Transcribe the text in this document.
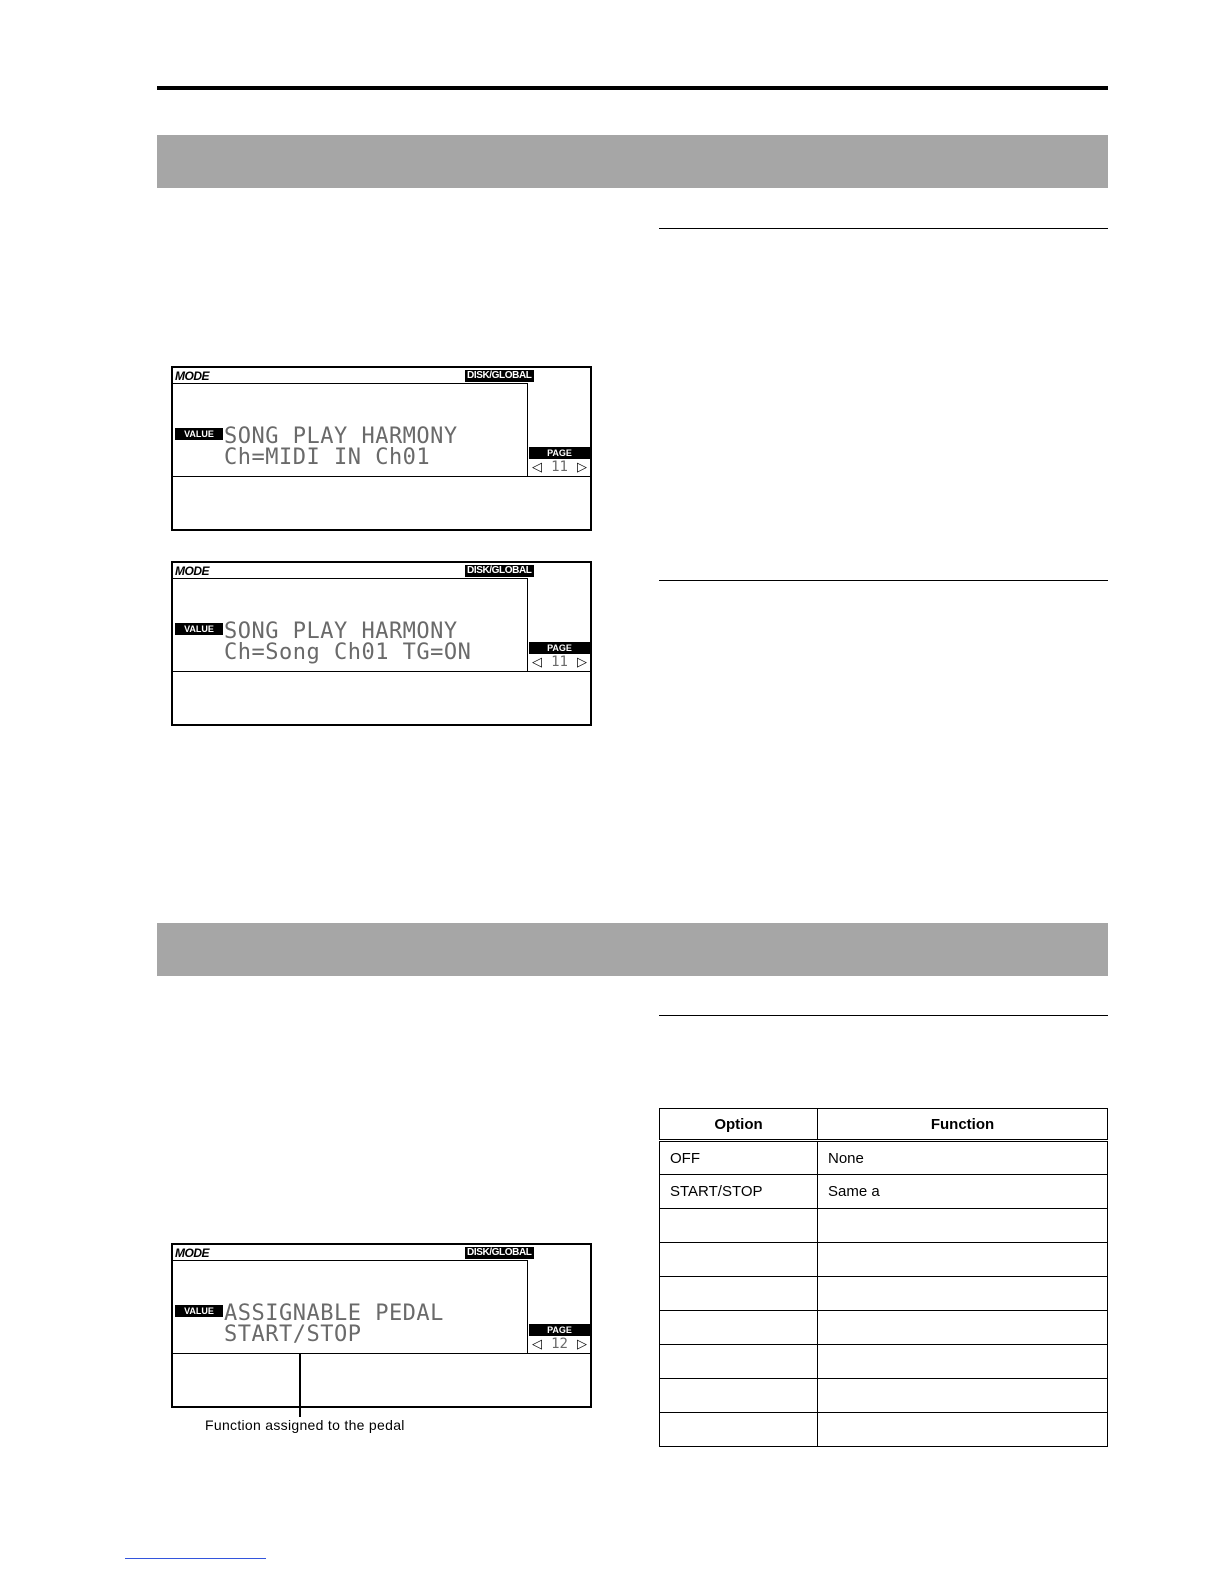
MODE	DISK/GLOBAL
VALUE SONG PLAY HARMONY
Ch=MIDI IN Ch01	PAGE
◁ 11 ▷
MODE	DISK/GLOBAL
VALUE SONG PLAY HARMONY
Ch=Song Ch01 TG=ON	PAGE
◁ 11 ▷
MODE	DISK/GLOBAL
VALUE ASSIGNABLE PEDAL
START/STOP	PAGE
◁ 12 ▷
Function assigned to the pedal
Option	Function
OFF	None
START/STOP	Same a
